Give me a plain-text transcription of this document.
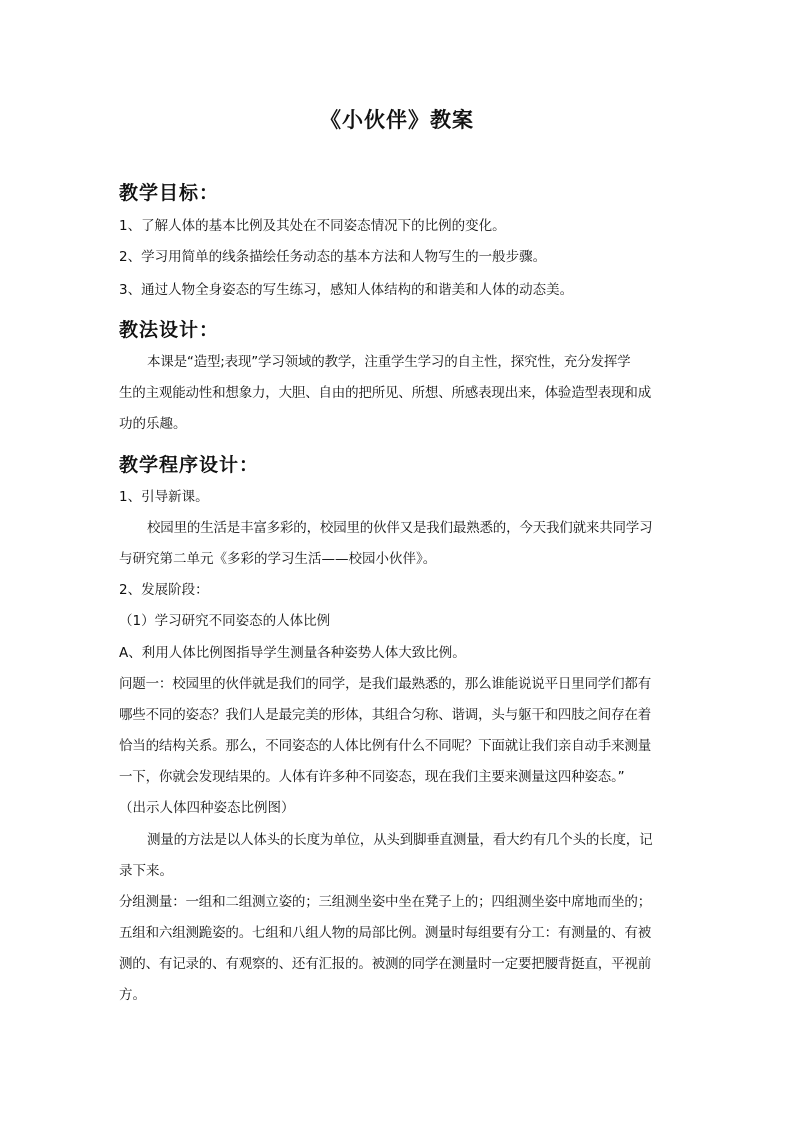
《小伙伴》教案
教学目标：
1、了解人体的基本比例及其处在不同姿态情况下的比例的变化。
2、学习用简单的线条描绘任务动态的基本方法和人物写生的一般步骤。
3、通过人物全身姿态的写生练习，感知人体结构的和谐美和人体的动态美。
教法设计：
本课是“造型;表现”学习领域的教学，注重学生学习的自主性，探究性，充分发挥学
生的主观能动性和想象力，大胆、自由的把所见、所想、所感表现出来，体验造型表现和成
功的乐趣。
教学程序设计：
1、引导新课。
校园里的生活是丰富多彩的，校园里的伙伴又是我们最熟悉的，今天我们就来共同学习
与研究第二单元《多彩的学习生活——校园小伙伴》。
2、发展阶段：
（1）学习研究不同姿态的人体比例
A、利用人体比例图指导学生测量各种姿势人体大致比例。
问题一：校园里的伙伴就是我们的同学，是我们最熟悉的，那么谁能说说平日里同学们都有
哪些不同的姿态？我们人是最完美的形体，其组合匀称、谐调，头与躯干和四肢之间存在着
恰当的结构关系。那么，不同姿态的人体比例有什么不同呢？下面就让我们亲自动手来测量
一下，你就会发现结果的。人体有许多种不同姿态，现在我们主要来测量这四种姿态。”
（出示人体四种姿态比例图）
测量的方法是以人体头的长度为单位，从头到脚垂直测量，看大约有几个头的长度，记
录下来。
分组测量：一组和二组测立姿的；三组测坐姿中坐在凳子上的；四组测坐姿中席地而坐的；
五组和六组测跪姿的。七组和八组人物的局部比例。测量时每组要有分工：有测量的、有被
测的、有记录的、有观察的、还有汇报的。被测的同学在测量时一定要把腰背挺直，平视前
方。
